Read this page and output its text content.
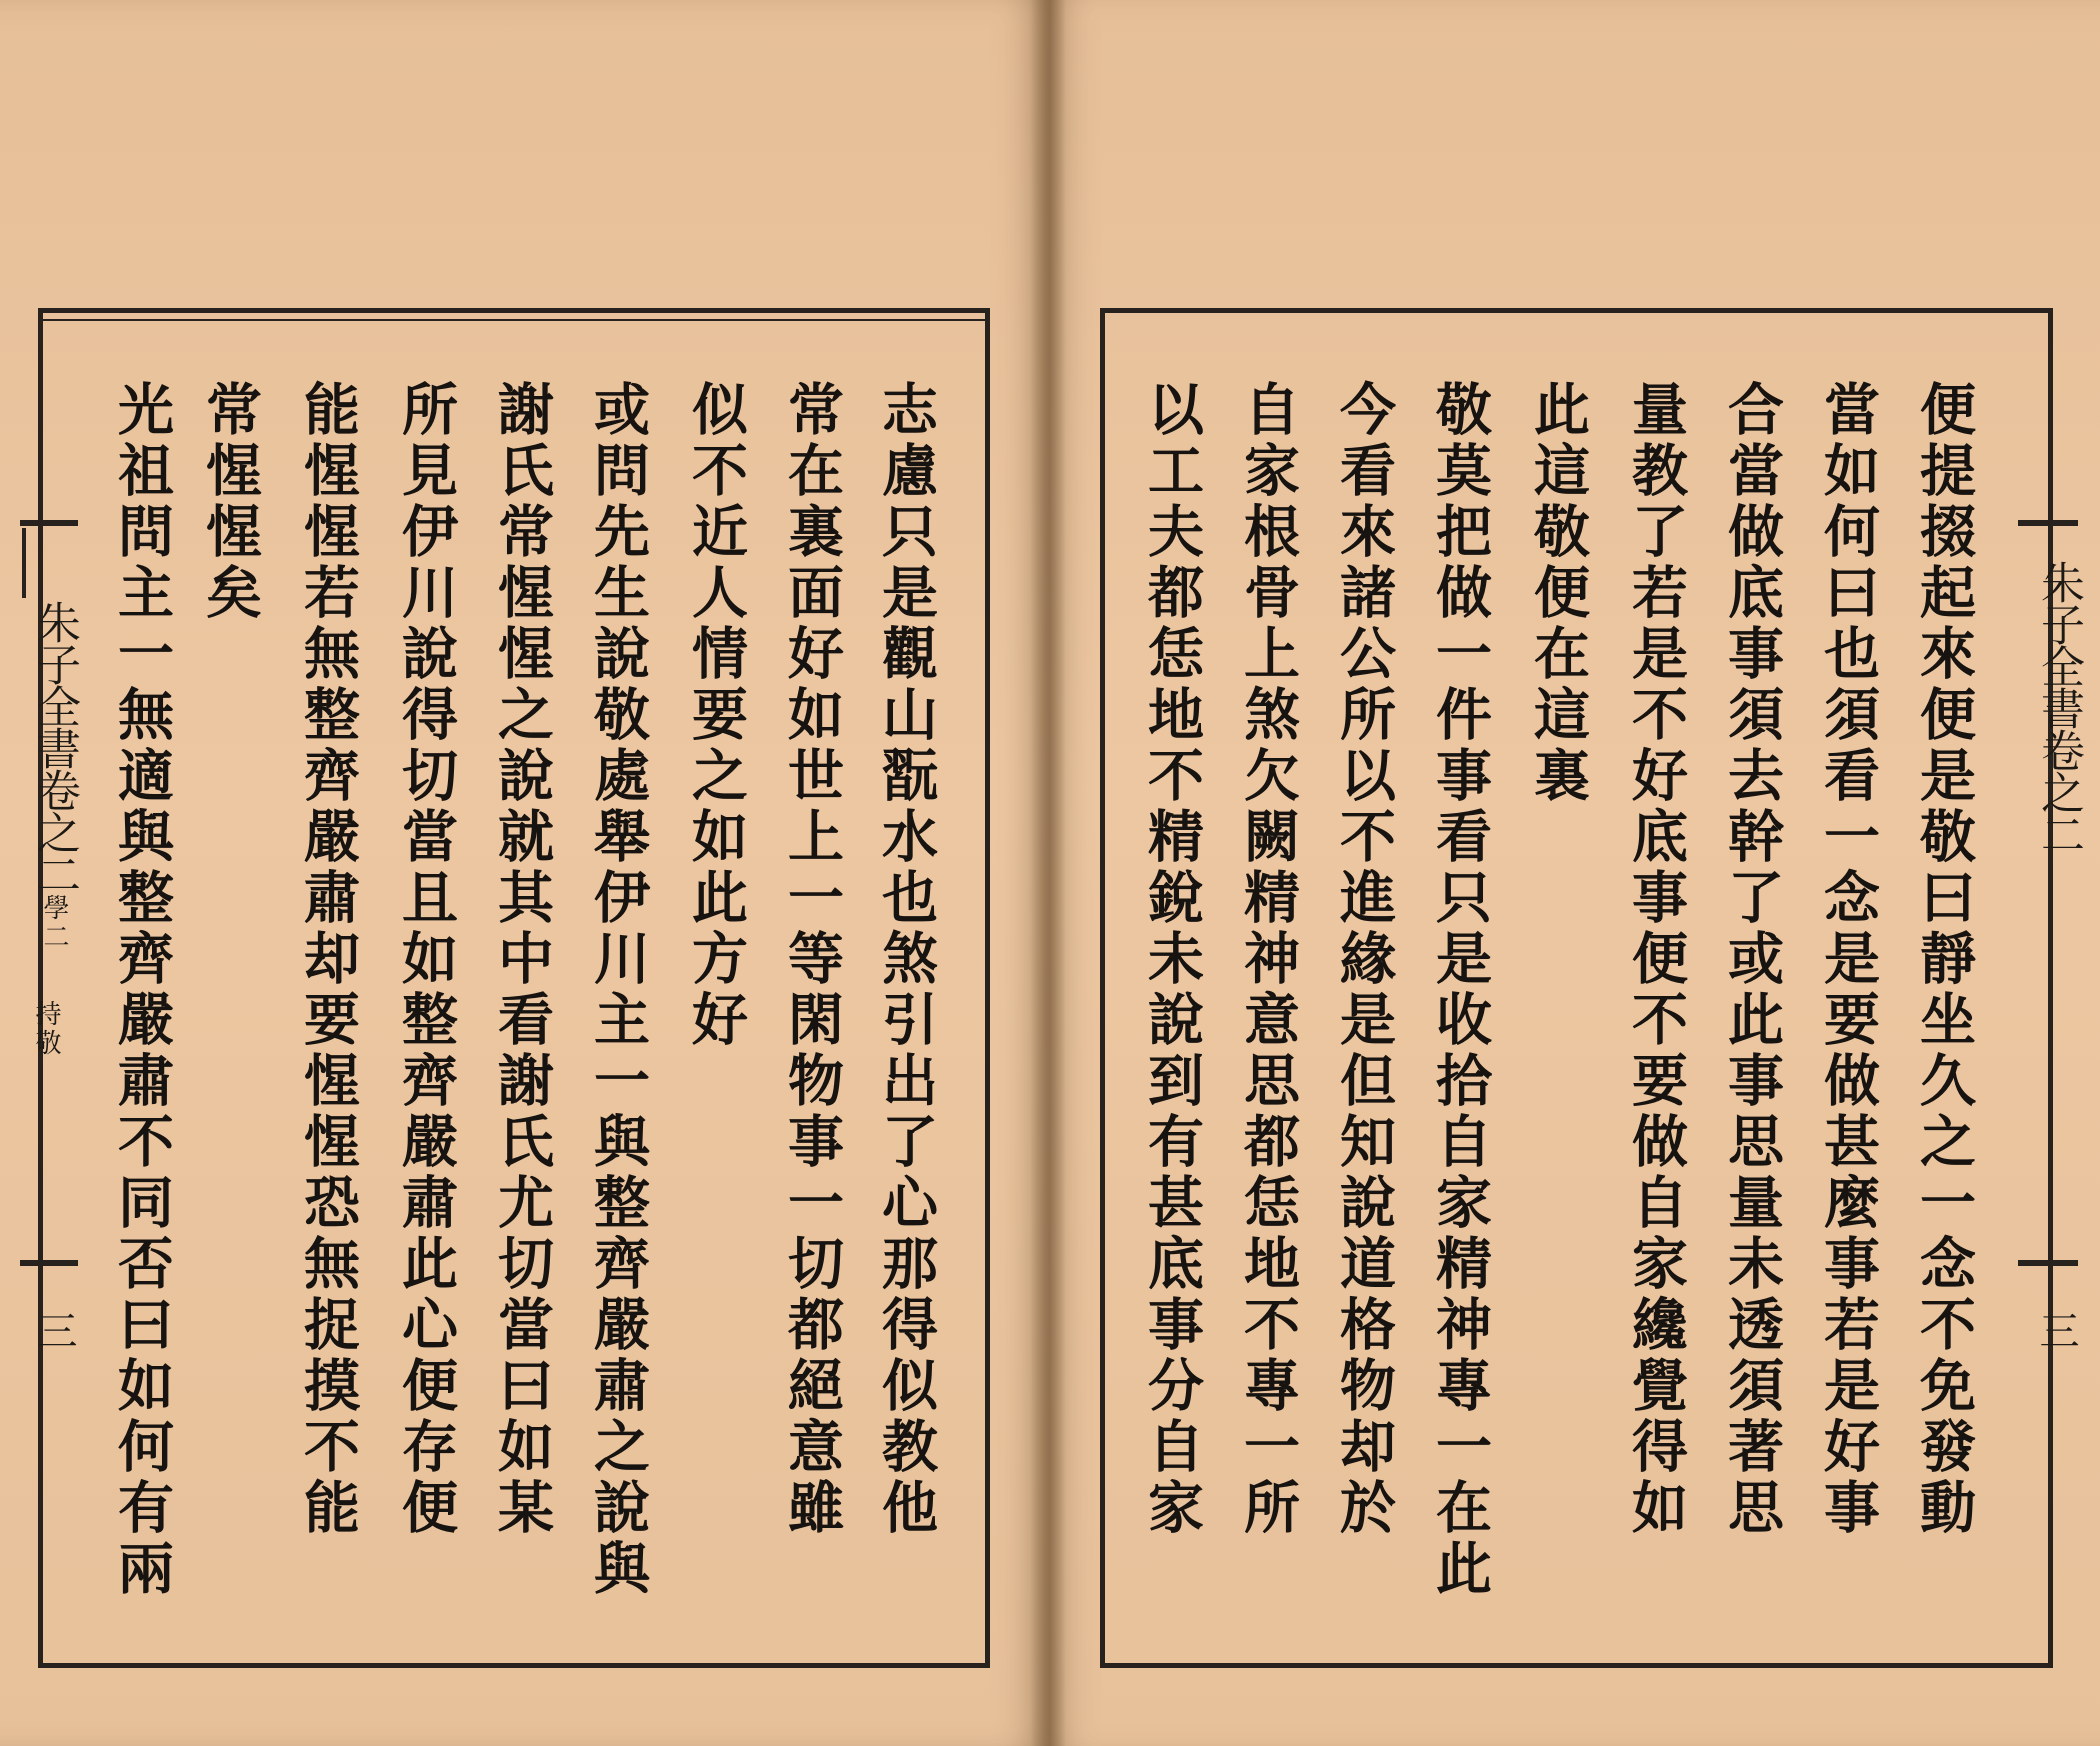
朱子全書卷之二學二
持敬
三 光祖問主一無適與整齊嚴肅不同否曰如何有兩 常惺惺矣 能惺惺若無整齊嚴肅却要惺惺恐無捉摸不能 所見伊川說得切當且如整齊嚴肅此心便存便 謝氏常惺惺之說就其中看謝氏尤切當曰如某 或問先生說敬處舉伊川主一與整齊嚴肅之說與 似不近人情要之如此方好 常在裏面好如世上一等閑物事一切都絕意雖 志慮只是觀山翫水也煞引出了心那得似教他	以工夫都恁地不精銳未說到有甚底事分自家 自家根骨上煞欠闕精神意思都恁地不專一所 今看來諸公所以不進緣是但知說道格物却於 敬莫把做一件事看只是收拾自家精神專一在此 此這敬便在這裏 量教了若是不好底事便不要做自家纔覺得如 合當做底事須去幹了或此事思量未透須著思 當如何曰也須看一念是要做甚麼事若是好事 便提掇起來便是敬曰靜坐久之一念不免發動 朱子全書卷之二
三
